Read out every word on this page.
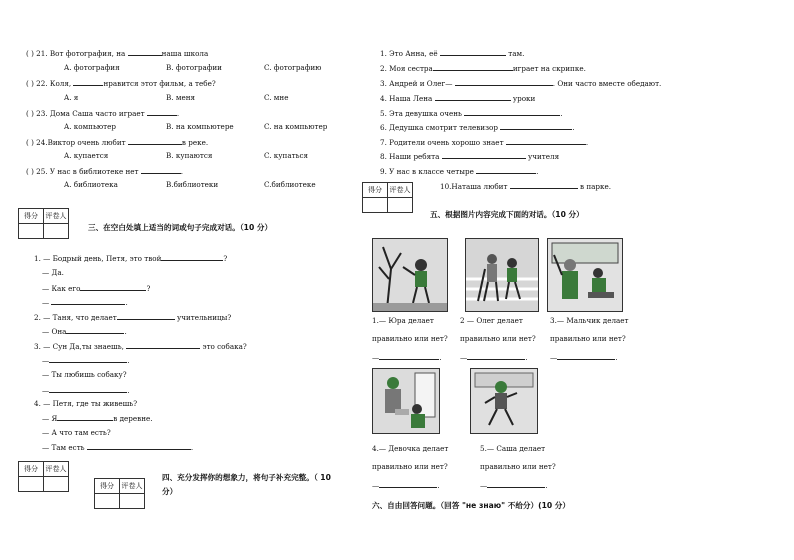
( ) 21. Вот фотография, на	наша школа
A. фотография	B. фотографии	C. фотографию
( ) 22. Коля,	нравится этот фильм, а тебе?
A. я	B. меня	C. мне
( ) 23. Дома Саша часто играет	.
A. компьютер	B. на компьютере	C. на компьютер
( ) 24.Виктор очень любит	в реке.
A. купается	B. купаются	C. купаться
( ) 25. У нас в библиотеке нет	.
A. библиотека	B.библиотеки	C.библиотеке
得分	评卷人

三、在空白处填上适当的词或句子完成对话。（10 分）
1. — Бодрый день, Петя, это твой	?
— Да.
— Как его	?
—	.
2. — Таня, что делает	учительницы?
— Она	.
3. — Сун Да,ты знаешь,	это собака?
—	.
— Ты любишь собаку?
—	.
4. — Петя, где ты живешь?
— Я	в деревне.
— А что там есть?
— Там есть	.
得分	评卷人

得分	评卷人

四、充分发挥你的想象力，将句子补充完整。（ 10
分）
1. Это Анна, её	там.
2. Моя сестра	играет на скрипке.
3. Андрей и Олег—	. Они часто вместе обедают.
4. Наша Лена	уроки
5. Эта девушка очень	.
6. Дедушка смотрит телевизор	.
7. Родители очень хорошо знает	.
8. Наши ребята	учителя
9. У нас в классе четыре	.
10.Наташа любит	в парке.
得分	评卷人

五、根据图片内容完成下面的对话。（10 分）
1.— Юра делает
правильно или нет?
—	.
2 — Олег делает
правильно или нет?
—	.
3.— Мальчик делает
правильно или нет?
—	.
4.— Девочка делает
правильно или нет?
—	.
5.— Саша делает
правильно или нет?
—	.
六、自由回答问题。（回答 "не знаю" 不给分）(10 分）
